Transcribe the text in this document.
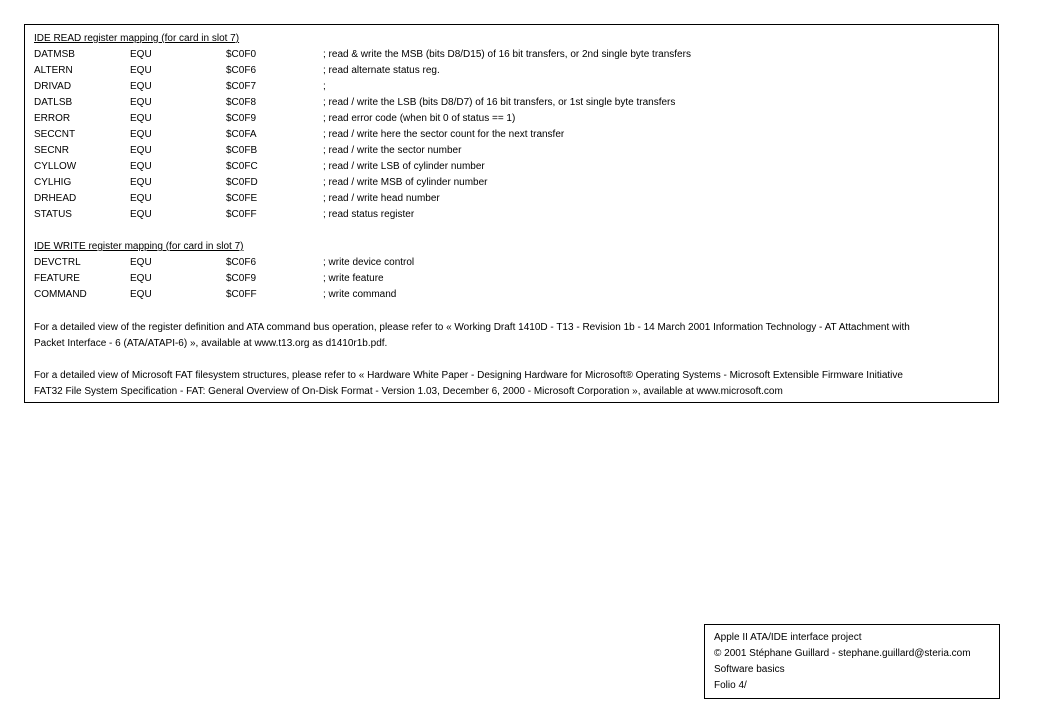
IDE READ register mapping (for card in slot 7)
DATMSB	EQU	$C0F0	; read & write the MSB (bits D8/D15) of 16 bit transfers, or 2nd single byte transfers
ALTERN	EQU	$C0F6	; read alternate status reg.
DRIVAD	EQU	$C0F7	;
DATLSB	EQU	$C0F8	; read / write the LSB (bits D8/D7) of 16 bit transfers, or 1st single byte transfers
ERROR	EQU	$C0F9	; read error code (when bit 0 of status == 1)
SECCNT	EQU	$C0FA	; read / write here the sector count for the next transfer
SECNR	EQU	$C0FB	; read / write the sector number
CYLLOW	EQU	$C0FC	; read / write LSB of cylinder number
CYLHIG	EQU	$C0FD	; read / write MSB of cylinder number
DRHEAD	EQU	$C0FE	; read / write head number
STATUS	EQU	$C0FF	; read status register
IDE WRITE register mapping (for card in slot 7)
DEVCTRL	EQU	$C0F6	; write device control
FEATURE	EQU	$C0F9	; write feature
COMMAND	EQU	$C0FF	; write command
For a detailed view of the register definition and ATA command bus operation, please refer to « Working Draft 1410D - T13 - Revision 1b - 14 March 2001 Information Technology - AT Attachment with
Packet Interface - 6 (ATA/ATAPI-6) », available at www.t13.org as d1410r1b.pdf.
For a detailed view of Microsoft FAT filesystem structures, please refer to « Hardware White Paper - Designing Hardware for Microsoft® Operating Systems - Microsoft Extensible Firmware Initiative
FAT32 File System Specification - FAT: General Overview of On-Disk Format - Version 1.03, December 6, 2000 - Microsoft Corporation », available at www.microsoft.com
Apple II ATA/IDE interface project
© 2001 Stéphane Guillard - stephane.guillard@steria.com
Software basics
Folio 4/
